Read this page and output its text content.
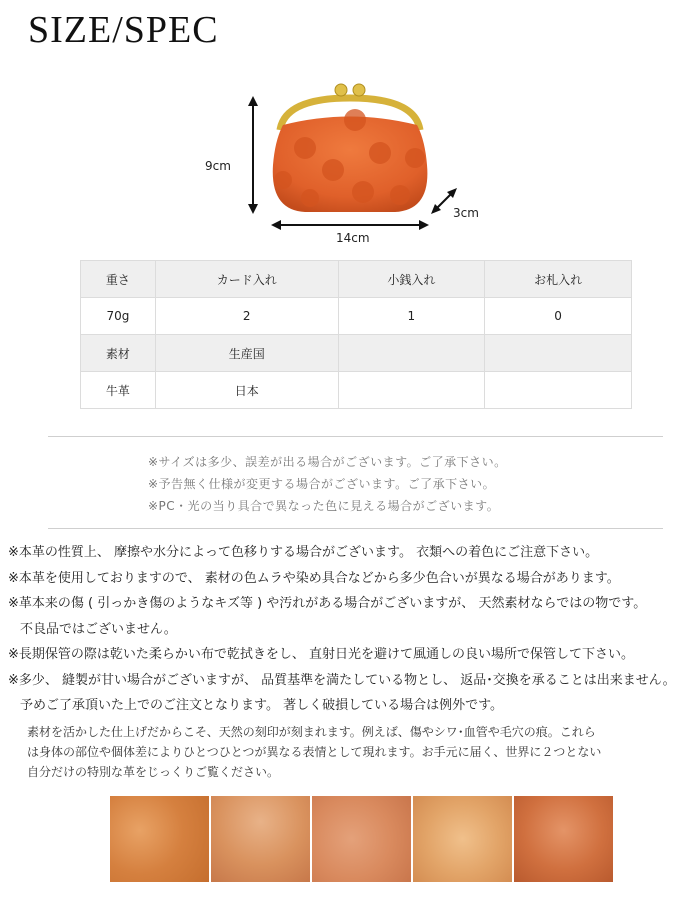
SIZE/SPEC
9cm
3cm
14cm
重さ	カード入れ	小銭入れ	お札入れ
70g	2	1	0
素材	生産国		
牛革	日本		
※サイズは多少、誤差が出る場合がございます。ご了承下さい。
※予告無く仕様が変更する場合がございます。ご了承下さい。
※PC・光の当り具合で異なった色に見える場合がございます。
※本革の性質上、 摩擦や水分によって色移りする場合がございます。 衣類への着色にご注意下さい。
※本革を使用しておりますので、 素材の色ムラや染め具合などから多少色合いが異なる場合があります。
※革本来の傷 ( 引っかき傷のようなキズ等 ) や汚れがある場合がございますが、 天然素材ならではの物です。
不良品ではございません。
※長期保管の際は乾いた柔らかい布で乾拭きをし、 直射日光を避けて風通しの良い場所で保管して下さい。
※多少、 縫製が甘い場合がございますが、 品質基準を満たしている物とし、 返品･交換を承ることは出来ません。
予めご了承頂いた上でのご注文となります。 著しく破損している場合は例外です。
素材を活かした仕上げだからこそ、天然の刻印が刻まれます。例えば、傷やシワ･血管や毛穴の痕。これら
は身体の部位や個体差によりひとつひとつが異なる表情として現れます。お手元に届く、世界に２つとない
自分だけの特別な革をじっくりご覧ください。
